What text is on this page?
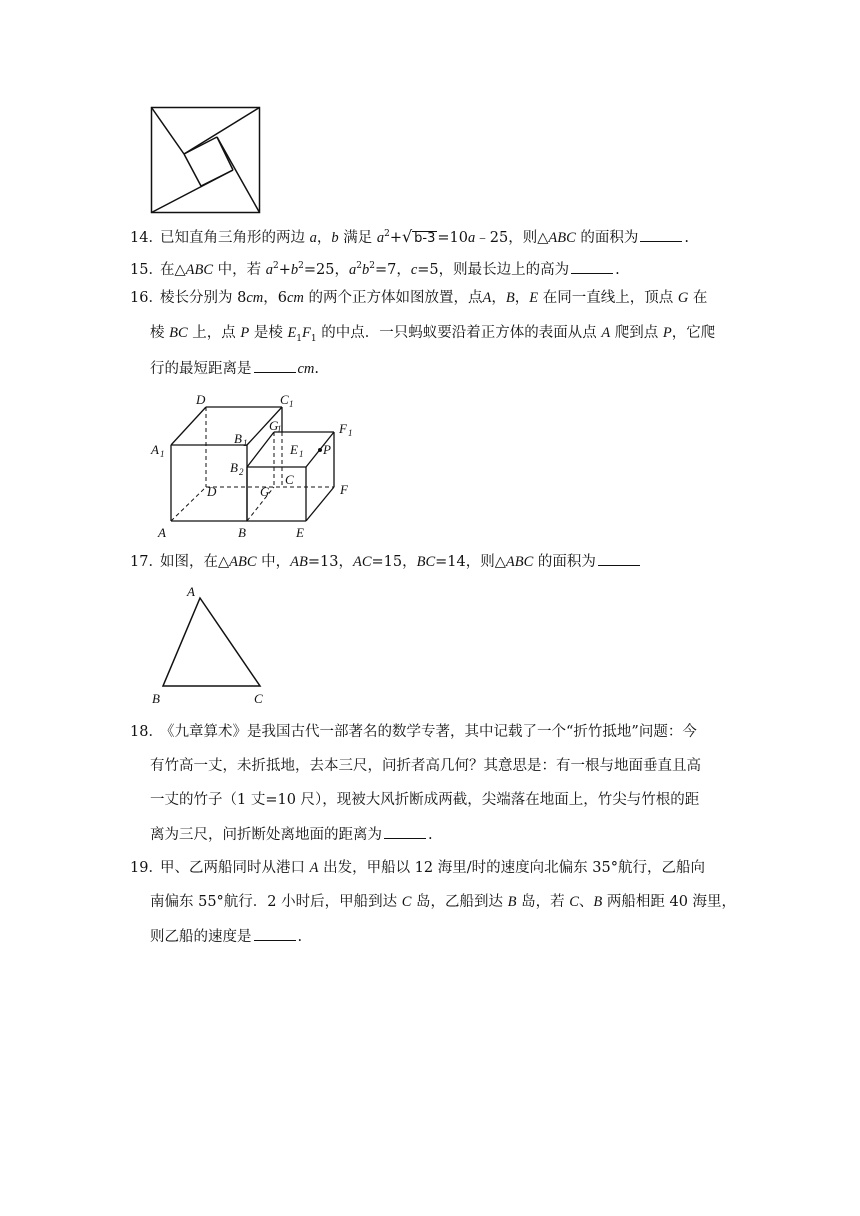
14．已知直角三角形的两边 a，b 满足 $a^2+√$ b-3 =10a﹣25，则△ABC 的面积为	.
15．在△ABC 中，若 $a^2+b^2=25$，$a^2b^2=7$，c=5，则最长边上的高为	.
16．棱长分别为 8cm，6cm 的两个正方体如图放置，点A，B，E 在同一直线上，顶点 G 在
棱 BC 上，点 P 是棱 $E_1F_1$ 的中点．一只蚂蚁要沿着正方体的表面从点 A 爬到点 P，它爬
行的最短距离是	cm.
D	C 1
G
1
B 1
A 1
B 2
E 1 P
F 1
D	G
C
F
A	B	E
17．如图，在△ABC 中，AB=13，AC=15，BC=14，则△ABC 的面积为
A
B	C
18．《九章算术》是我国古代一部著名的数学专著，其中记载了一个“折竹抵地”问题：今
有竹高一丈，未折抵地，去本三尺，问折者高几何？其意思是：有一根与地面垂直且高
一丈的竹子（1 丈=10 尺），现被大风折断成两截，尖端落在地面上，竹尖与竹根的距
离为三尺，问折断处离地面的距离为	.
19．甲、乙两船同时从港口 A 出发，甲船以 12 海里/时的速度向北偏东 35°航行，乙船向
南偏东 55°航行．2 小时后，甲船到达 C 岛，乙船到达 B 岛，若 C、B 两船相距 40 海里，
则乙船的速度是	.
